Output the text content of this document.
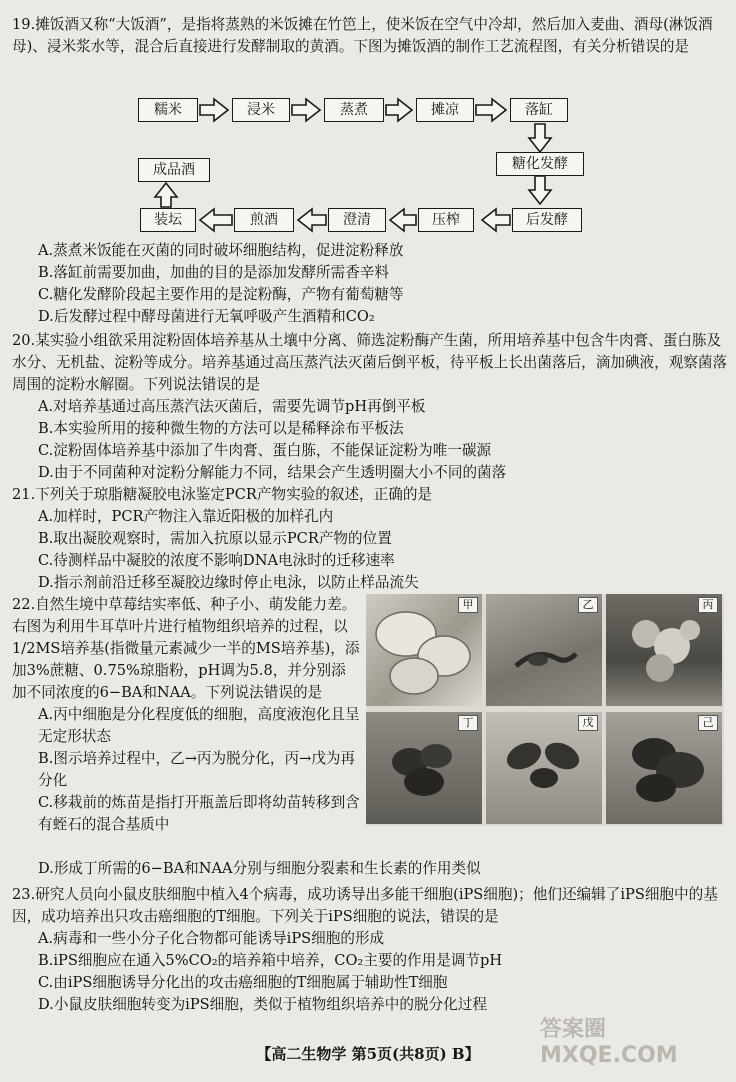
19.摊饭酒又称“大饭酒”，是指将蒸熟的米饭摊在竹笆上，使米饭在空气中冷却，然后加入麦曲、酒母(淋饭酒母)、浸米浆水等，混合后直接进行发酵制取的黄酒。下图为摊饭酒的制作工艺流程图，有关分析错误的是
糯米	浸米	蒸煮	摊凉	落缸
糖化发酵
后发酵
压榨
澄清
煎酒
装坛
成品酒
A.蒸煮米饭能在灭菌的同时破坏细胞结构，促进淀粉释放
B.落缸前需要加曲，加曲的目的是添加发酵所需香辛料
C.糖化发酵阶段起主要作用的是淀粉酶，产物有葡萄糖等
D.后发酵过程中酵母菌进行无氧呼吸产生酒精和CO₂
20.某实验小组欲采用淀粉固体培养基从土壤中分离、筛选淀粉酶产生菌，所用培养基中包含牛肉膏、蛋白胨及水分、无机盐、淀粉等成分。培养基通过高压蒸汽法灭菌后倒平板，待平板上长出菌落后，滴加碘液，观察菌落周围的淀粉水解圈。下列说法错误的是
A.对培养基通过高压蒸汽法灭菌后，需要先调节pH再倒平板
B.本实验所用的接种微生物的方法可以是稀释涂布平板法
C.淀粉固体培养基中添加了牛肉膏、蛋白胨，不能保证淀粉为唯一碳源
D.由于不同菌种对淀粉分解能力不同，结果会产生透明圈大小不同的菌落
21.下列关于琼脂糖凝胶电泳鉴定PCR产物实验的叙述，正确的是
A.加样时，PCR产物注入靠近阳极的加样孔内
B.取出凝胶观察时，需加入抗原以显示PCR产物的位置
C.待测样品中凝胶的浓度不影响DNA电泳时的迁移速率
D.指示剂前沿迁移至凝胶边缘时停止电泳，以防止样品流失
22.自然生境中草莓结实率低、种子小、萌发能力差。右图为利用牛耳草叶片进行植物组织培养的过程，以1/2MS培养基(指微量元素减少一半的MS培养基)，添加3%蔗糖、0.75%琼脂粉，pH调为5.8，并分别添加不同浓度的6−BA和NAA。下列说法错误的是
A.丙中细胞是分化程度低的细胞，高度液泡化且呈无定形状态
B.图示培养过程中，乙→丙为脱分化，丙→戊为再分化
C.移栽前的炼苗是指打开瓶盖后即将幼苗转移到含有蛭石的混合基质中
D.形成丁所需的6−BA和NAA分别与细胞分裂素和生长素的作用类似
甲	乙	丙
丁	戊	己
23.研究人员向小鼠皮肤细胞中植入4个病毒，成功诱导出多能干细胞(iPS细胞)；他们还编辑了iPS细胞中的基因，成功培养出只攻击癌细胞的T细胞。下列关于iPS细胞的说法，错误的是
A.病毒和一些小分子化合物都可能诱导iPS细胞的形成
B.iPS细胞应在通入5%CO₂的培养箱中培养，CO₂主要的作用是调节pH
C.由iPS细胞诱导分化出的攻击癌细胞的T细胞属于辅助性T细胞
D.小鼠皮肤细胞转变为iPS细胞，类似于植物组织培养中的脱分化过程
【高二生物学 第5页(共8页) B】
答案圈 MXQE.COM
